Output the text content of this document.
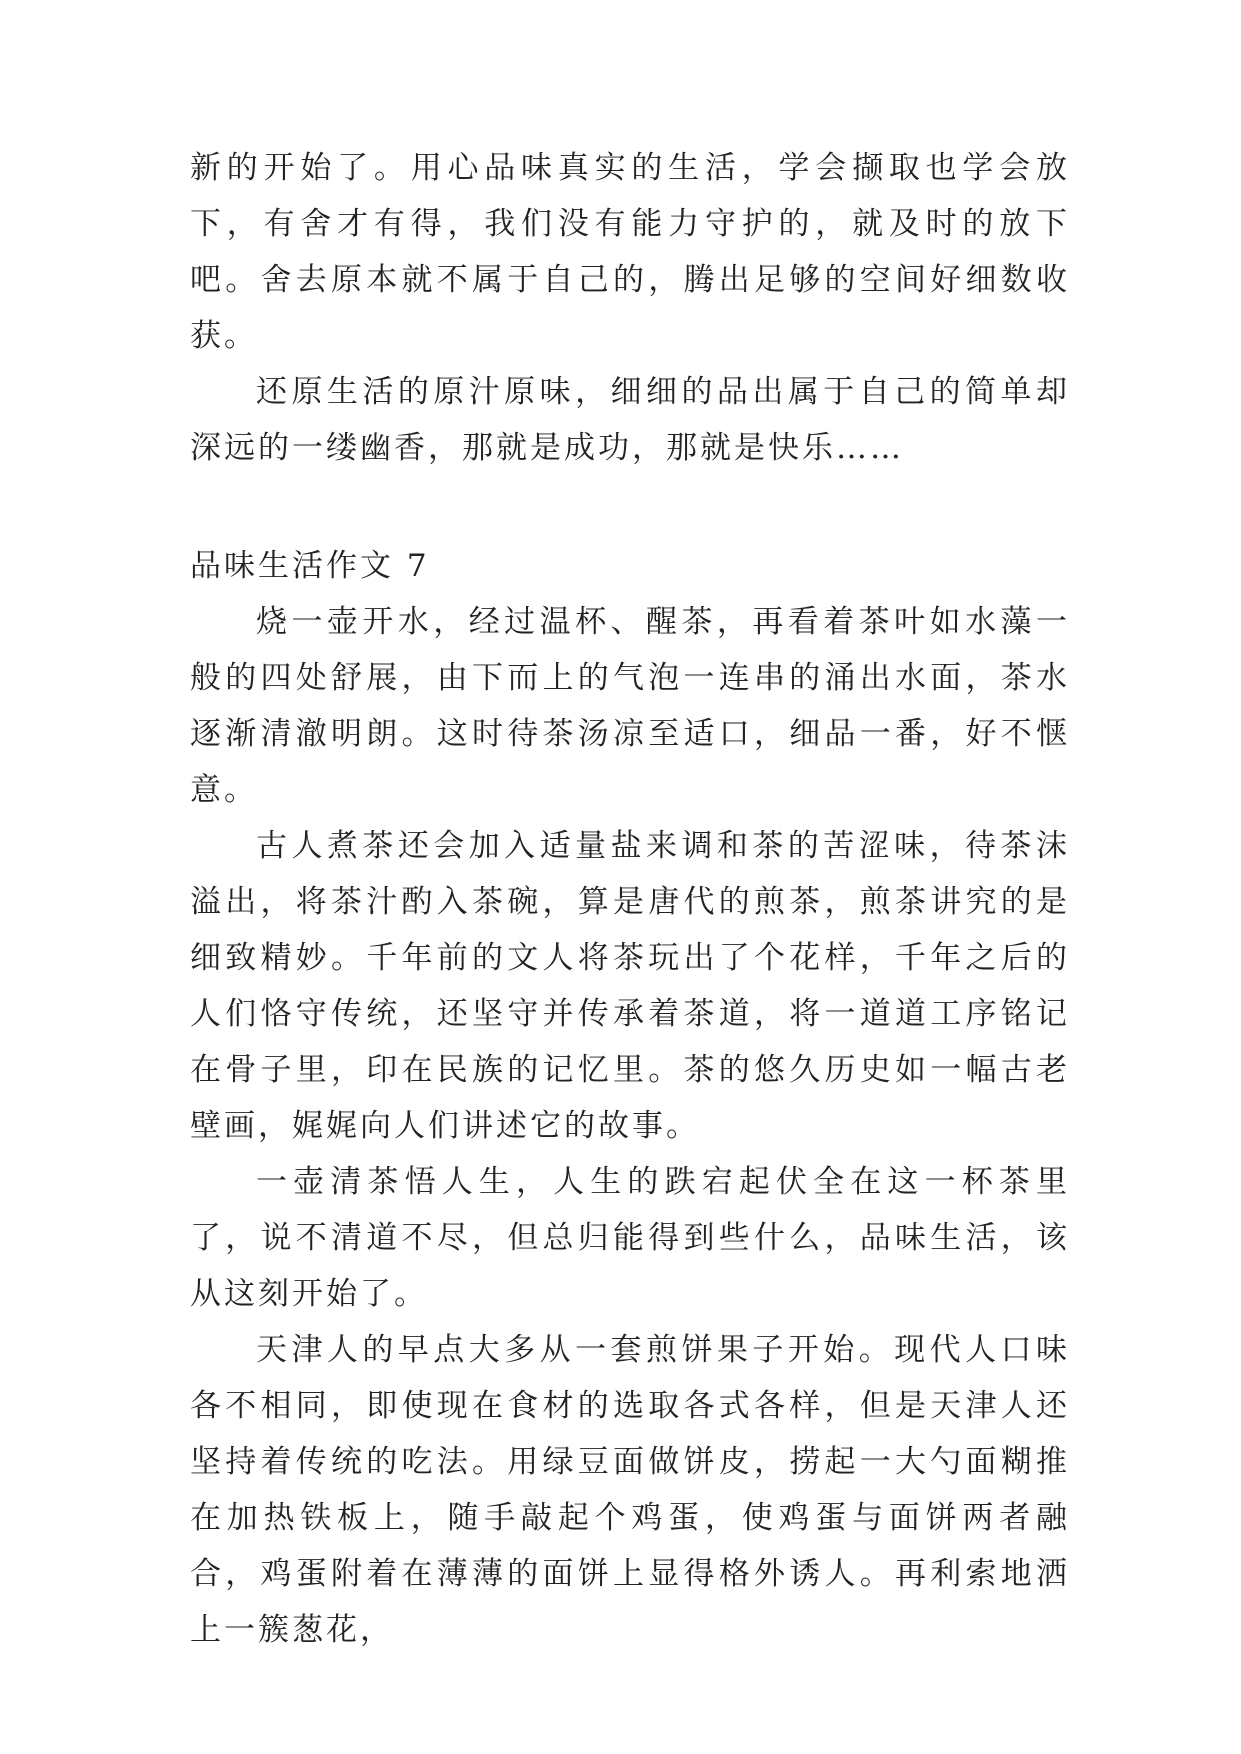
新的开始了。用心品味真实的生活，学会撷取也学会放下，有舍才有得，我们没有能力守护的，就及时的放下吧。舍去原本就不属于自己的，腾出足够的空间好细数收获。

还原生活的原汁原味，细细的品出属于自己的简单却深远的一缕幽香，那就是成功，那就是快乐……

品味生活作文 7

烧一壶开水，经过温杯、醒茶，再看着茶叶如水藻一般的四处舒展，由下而上的气泡一连串的涌出水面，茶水逐渐清澈明朗。这时待茶汤凉至适口，细品一番，好不惬意。

古人煮茶还会加入适量盐来调和茶的苦涩味，待茶沫溢出，将茶汁酌入茶碗，算是唐代的煎茶，煎茶讲究的是细致精妙。千年前的文人将茶玩出了个花样，千年之后的人们恪守传统，还坚守并传承着茶道，将一道道工序铭记在骨子里，印在民族的记忆里。茶的悠久历史如一幅古老壁画，娓娓向人们讲述它的故事。

一壶清茶悟人生，人生的跌宕起伏全在这一杯茶里了，说不清道不尽，但总归能得到些什么，品味生活，该从这刻开始了。

天津人的早点大多从一套煎饼果子开始。现代人口味各不相同，即使现在食材的选取各式各样，但是天津人还坚持着传统的吃法。用绿豆面做饼皮，捞起一大勺面糊推在加热铁板上，随手敲起个鸡蛋，使鸡蛋与面饼两者融合，鸡蛋附着在薄薄的面饼上显得格外诱人。再利索地洒上一簇葱花，
